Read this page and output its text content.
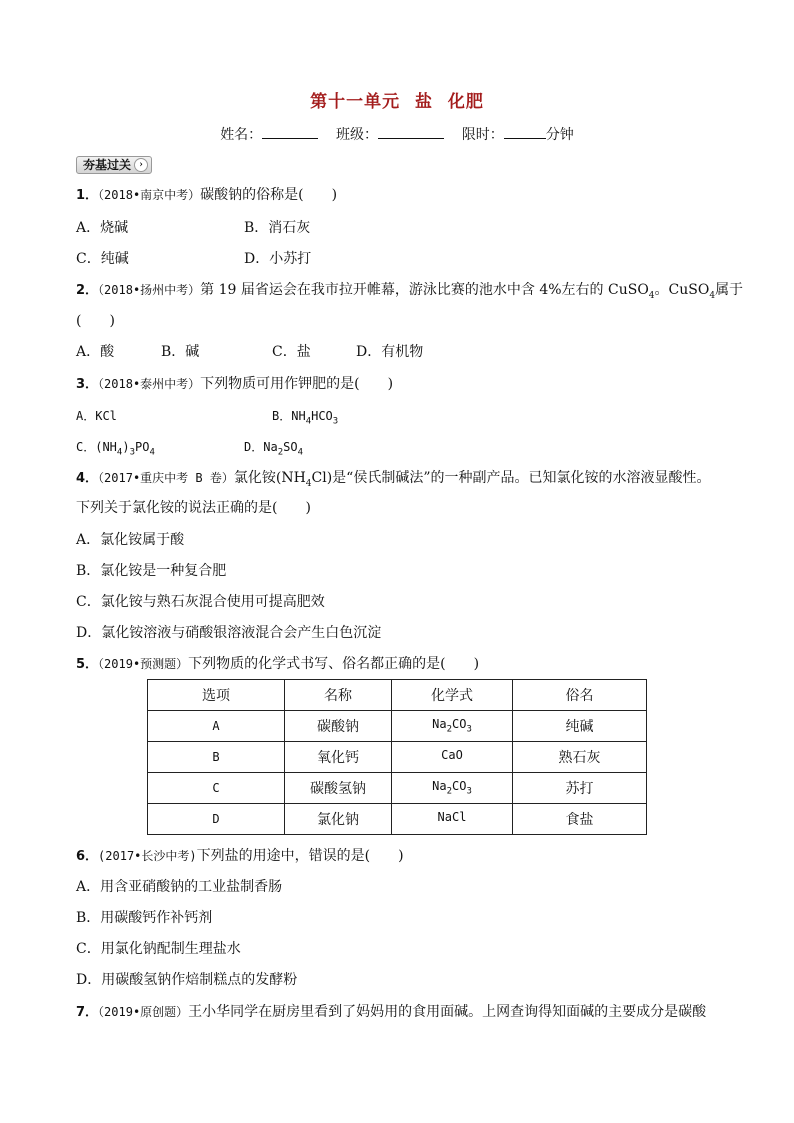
第十一单元 盐 化肥
姓名：	班级：	限时：	分钟
夯基过关 ›
1．（2018•南京中考）碳酸钠的俗称是(　　)
A．烧碱	B．消石灰
C．纯碱	D．小苏打
2．（2018•扬州中考）第 19 届省运会在我市拉开帷幕，游泳比赛的池水中含 4%左右的 CuSO$_4$。CuSO$_4$属于
(　　)
A．酸	B．碱	C．盐	D．有机物
3．（2018•泰州中考）下列物质可用作钾肥的是(　　)
A．KCl	B．$NH_4HCO_3$
C．$(NH_4)_3PO_4$	D．$Na_2SO_4$
4．（2017•重庆中考 B 卷）氯化铵$(NH_4Cl)$是“侯氏制碱法”的一种副产品。已知氯化铵的水溶液显酸性。
下列关于氯化铵的说法正确的是(　　)
A．氯化铵属于酸
B．氯化铵是一种复合肥
C．氯化铵与熟石灰混合使用可提高肥效
D．氯化铵溶液与硝酸银溶液混合会产生白色沉淀
5．（2019•预测题）下列物质的化学式书写、俗名都正确的是(　　)
选项	名称	化学式	俗名
A	碳酸钠	$Na_2CO_3$	纯碱
B	氧化钙	CaO	熟石灰
C	碳酸氢钠	$Na_2CO_3$	苏打
D	氯化钠	NaCl	食盐
6．(2017•长沙中考)下列盐的用途中，错误的是(　　)
A．用含亚硝酸钠的工业盐制香肠
B．用碳酸钙作补钙剂
C．用氯化钠配制生理盐水
D．用碳酸氢钠作焙制糕点的发酵粉
7．（2019•原创题）王小华同学在厨房里看到了妈妈用的食用面碱。上网查询得知面碱的主要成分是碳酸
